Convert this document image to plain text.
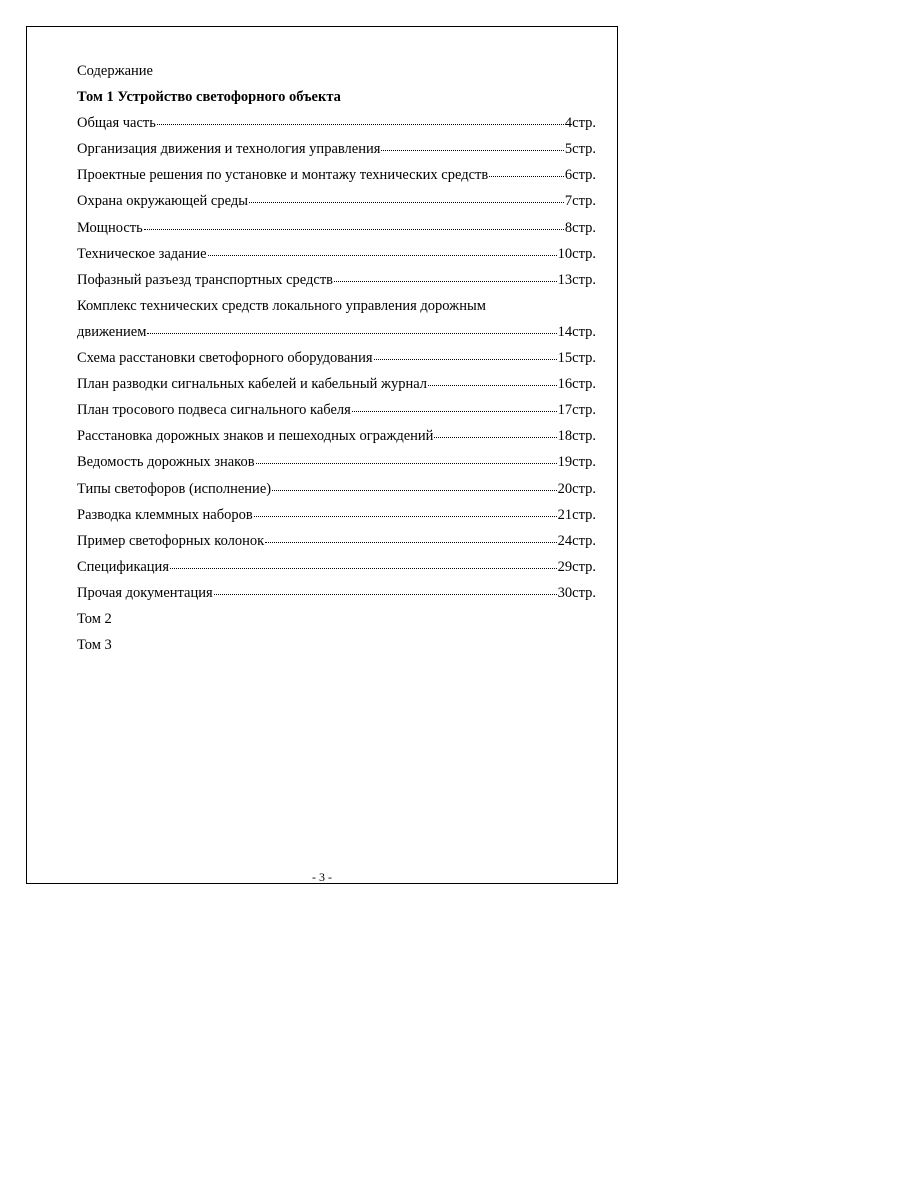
Содержание
Том 1 Устройство светофорного объекта
Общая часть	4стр.
Организация движения и технология управления	5стр.
Проектные решения по установке и монтажу технических средств	6стр.
Охрана окружающей среды	7стр.
Мощность	8стр.
Техническое задание	10стр.
Пофазный разъезд транспортных средств	13стр.
Комплекс технических средств локального управления дорожным
движением	14стр.
Схема расстановки светофорного оборудования	15стр.
План разводки сигнальных кабелей и кабельный журнал	16стр.
План тросового подвеса сигнального кабеля	17стр.
Расстановка дорожных знаков и пешеходных ограждений	18стр.
Ведомость дорожных знаков	19стр.
Типы светофоров (исполнение)	20стр.
Разводка клеммных наборов	21стр.
Пример светофорных колонок	24стр.
Спецификация	29стр.
Прочая документация	30стр.
Том 2
Том 3
- 3 -
